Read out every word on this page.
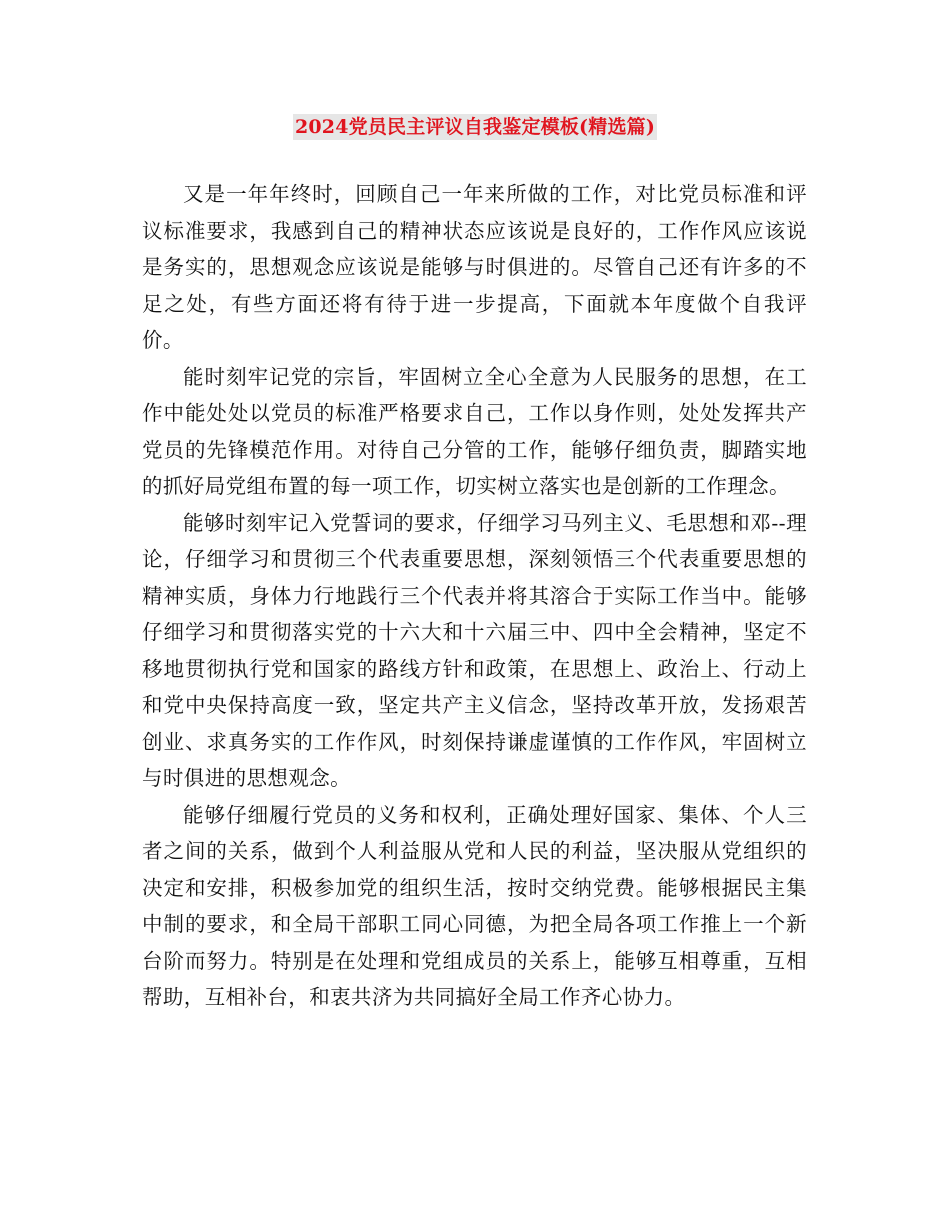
2024党员民主评议自我鉴定模板(精选篇)

又是一年年终时，回顾自己一年来所做的工作，对比党员标准和评议标准要求，我感到自己的精神状态应该说是良好的，工作作风应该说是务实的，思想观念应该说是能够与时俱进的。尽管自己还有许多的不足之处，有些方面还将有待于进一步提高，下面就本年度做个自我评价。

能时刻牢记党的宗旨，牢固树立全心全意为人民服务的思想，在工作中能处处以党员的标准严格要求自己，工作以身作则，处处发挥共产党员的先锋模范作用。对待自己分管的工作，能够仔细负责，脚踏实地的抓好局党组布置的每一项工作，切实树立落实也是创新的工作理念。

能够时刻牢记入党誓词的要求，仔细学习马列主义、毛思想和邓--理论，仔细学习和贯彻三个代表重要思想，深刻领悟三个代表重要思想的精神实质，身体力行地践行三个代表并将其溶合于实际工作当中。能够仔细学习和贯彻落实党的十六大和十六届三中、四中全会精神，坚定不移地贯彻执行党和国家的路线方针和政策，在思想上、政治上、行动上和党中央保持高度一致，坚定共产主义信念，坚持改革开放，发扬艰苦创业、求真务实的工作作风，时刻保持谦虚谨慎的工作作风，牢固树立与时俱进的思想观念。

能够仔细履行党员的义务和权利，正确处理好国家、集体、个人三者之间的关系，做到个人利益服从党和人民的利益，坚决服从党组织的决定和安排，积极参加党的组织生活，按时交纳党费。能够根据民主集中制的要求，和全局干部职工同心同德，为把全局各项工作推上一个新台阶而努力。特别是在处理和党组成员的关系上，能够互相尊重，互相帮助，互相补台，和衷共济为共同搞好全局工作齐心协力。
